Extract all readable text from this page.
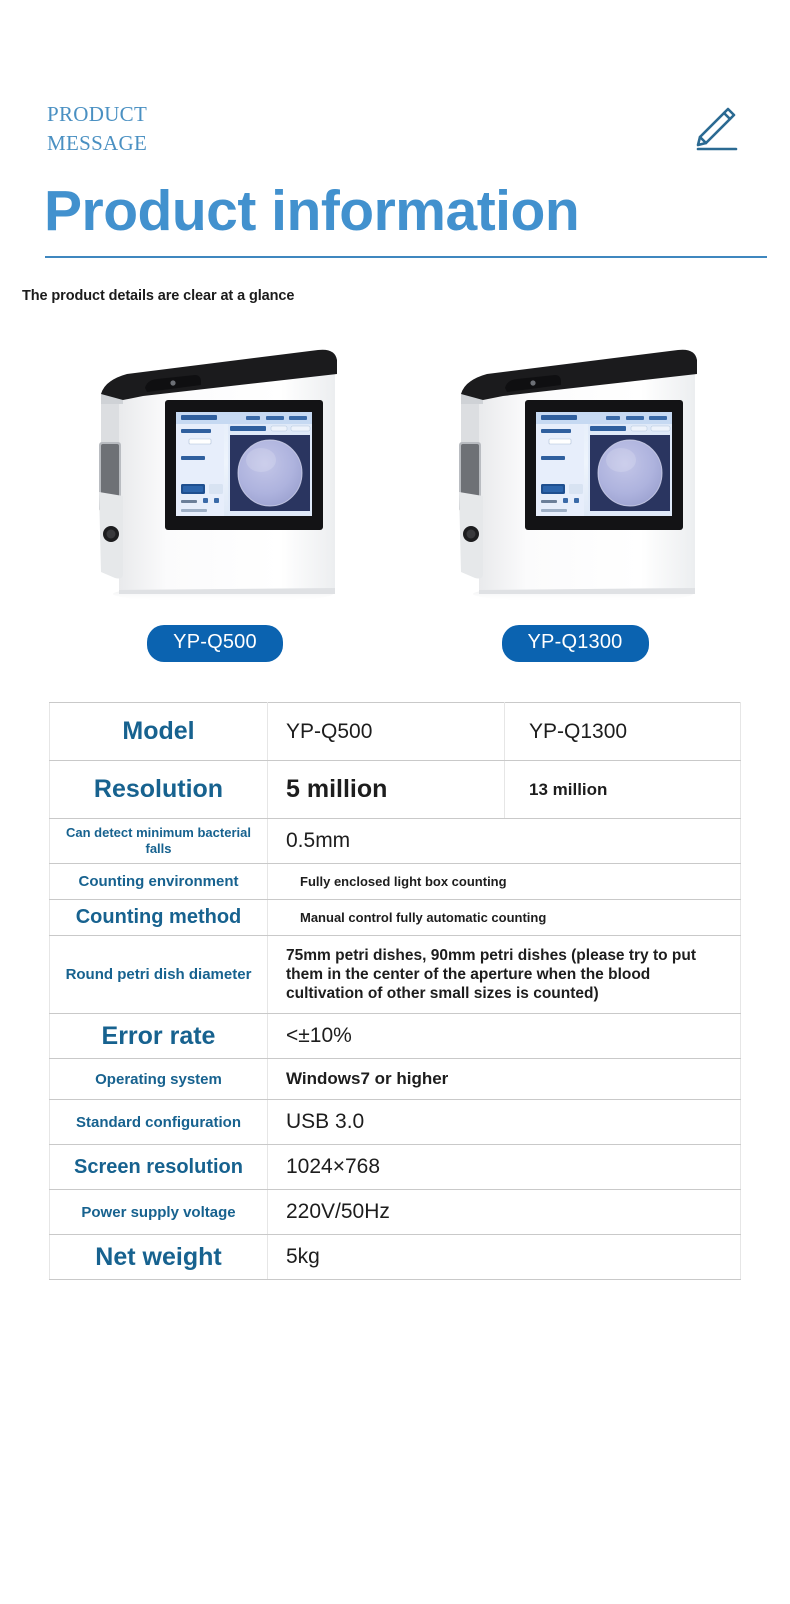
PRODUCT
MESSAGE
Product information
The product details are clear at a glance
YP-Q500	YP-Q1300
Model	YP-Q500	YP-Q1300
Resolution	5 million	13 million
Can detect minimum bacterial falls	0.5mm	
Counting environment	Fully enclosed light box counting	
Counting method	Manual control fully automatic counting	
Round petri dish diameter	75mm petri dishes, 90mm petri dishes (please try to put them in the center of the aperture when the blood cultivation of other small sizes is counted)	
Error rate	<±10%	
Operating system	Windows7 or higher	
Standard configuration	USB 3.0	
Screen resolution	1024×768	
Power supply voltage	220V/50Hz	
Net weight	5kg	
